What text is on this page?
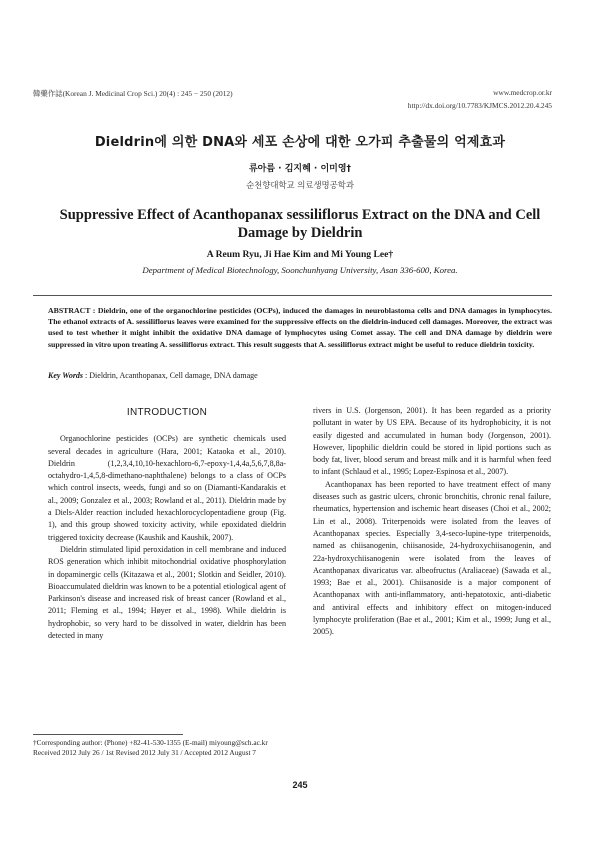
韓藥作誌(Korean J. Medicinal Crop Sci.) 20(4) : 245 − 250 (2012)	www.medcrop.or.kr
http://dx.doi.org/10.7783/KJMCS.2012.20.4.245
Dieldrin에 의한 DNA와 세포 손상에 대한 오가피 추출물의 억제효과
류아름 · 김지혜 · 이미영†
순천향대학교 의료생명공학과
Suppressive Effect of Acanthopanax sessiliflorus Extract on the DNA and Cell Damage by Dieldrin
A Reum Ryu, Ji Hae Kim and Mi Young Lee†
Department of Medical Biotechnology, Soonchunhyang University, Asan 336-600, Korea.
ABSTRACT : Dieldrin, one of the organochlorine pesticides (OCPs), induced the damages in neuroblastoma cells and DNA damages in lymphocytes. The ethanol extracts of A. sessiliflorus leaves were examined for the suppressive effects on the dieldrin-induced cell damages. Moreover, the extract was used to test whether it might inhibit the oxidative DNA damage of lymphocytes using Comet assay. The cell and DNA damage by dieldrin were suppressed in vitro upon treating A. sessiliflorus extract. This result suggests that A. sessiliflorus extract might be useful to reduce dieldrin toxicity.
Key Words : Dieldrin, Acanthopanax, Cell damage, DNA damage
INTRODUCTION

Organochlorine pesticides (OCPs) are synthetic chemicals used several decades in agriculture (Hara, 2001; Kataoka et al., 2010). Dieldrin (1,2,3,4,10,10-hexachloro-6,7-epoxy-1,4,4a,5,6,7,8,8a-octahydro-1,4,5,8-dimethano-naphthalene) belongs to a class of OCPs which control insects, weeds, fungi and so on (Diamanti-Kandarakis et al., 2009; Gonzalez et al., 2003; Rowland et al., 2011). Dieldrin made by a Diels-Alder reaction included hexachlorocyclopentadiene group (Fig. 1), and this group showed toxicity activity, while epoxidated dieldrin triggered toxicity decrease (Kaushik and Kaushik, 2007).

Dieldrin stimulated lipid peroxidation in cell membrane and induced ROS generation which inhibit mitochondrial oxidative phosphorylation in dopaminergic cells (Kitazawa et al., 2001; Slotkin and Seidler, 2010). Bioaccumulated dieldrin was known to be a potential etiological agent of Parkinson's disease and increased risk of breast cancer (Rowland et al., 2011; Fleming et al., 1994; Høyer et al., 1998). While dieldrin is hydrophobic, so very hard to be dissolved in water, dieldrin has been detected in many

rivers in U.S. (Jorgenson, 2001). It has been regarded as a priority pollutant in water by US EPA. Because of its hydrophobicity, it is not easily digested and accumulated in human body (Jorgenson, 2001). However, lipophilic dieldrin could be stored in lipid portions such as body fat, liver, blood serum and breast milk and it is harmful when feed to infant (Schlaud et al., 1995; Lopez-Espinosa et al., 2007).

Acanthopanax has been reported to have treatment effect of many diseases such as gastric ulcers, chronic bronchitis, chronic renal failure, rheumatics, hypertension and ischemic heart diseases (Choi et al., 2002; Lin et al., 2008). Triterpenoids were isolated from the leaves of Acanthopanax species. Especially 3,4-seco-lupine-type triterpenoids, named as chiisanogenin, chiisanoside, 24-hydroxychiisanogenin, and 22a-hydroxychiisanogenin were isolated from the leaves of Acanthopanax divaricatus var. albeofructus (Araliaceae) (Sawada et al., 1993; Bae et al., 2001). Chiisanoside is a major component of Acanthopanax with anti-inflammatory, anti-hepatotoxic, anti-diabetic and antiviral effects and inhibitory effect on mitogen-induced lymphocyte proliferation (Bae et al., 2001; Kim et al., 1999; Jung et al., 2005).

†Corresponding author: (Phone) +82-41-530-1355 (E-mail) miyoung@sch.ac.kr
Received 2012 July 26 / 1st Revised 2012 July 31 / Accepted 2012 August 7
245
